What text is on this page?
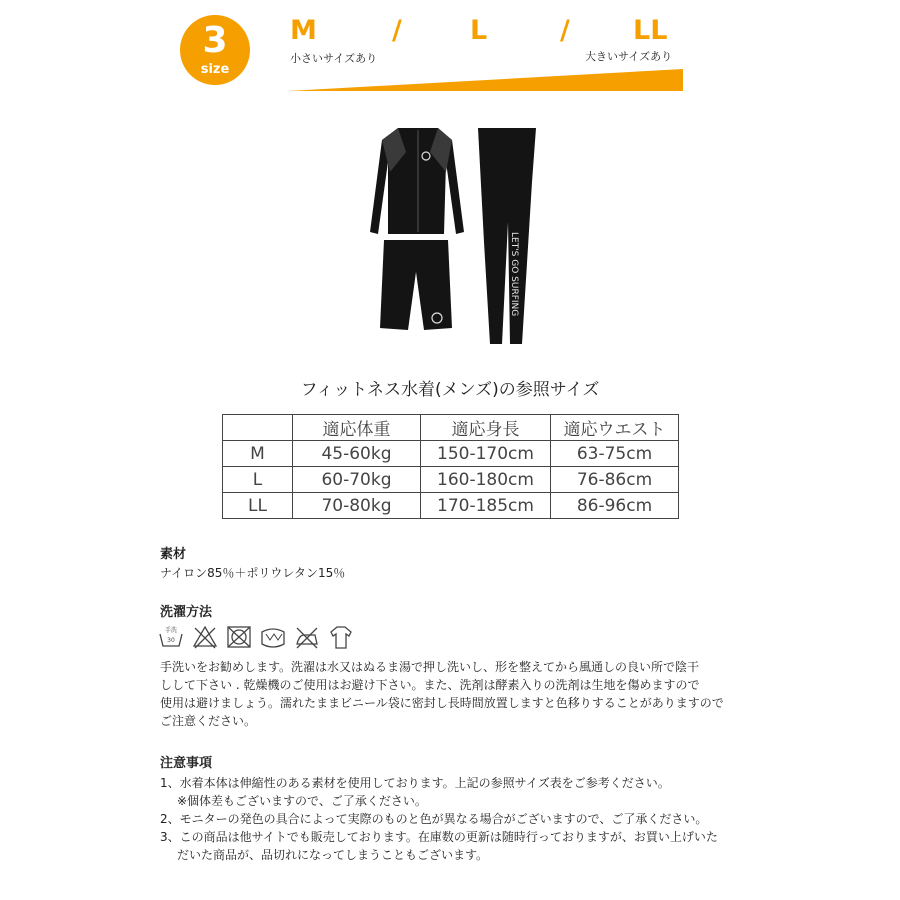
3
size
M	/	L	/ LL
小さいサイズあり	大きいサイズあり
LET'S GO SURFING
フィットネス水着(メンズ)の参照サイズ
	適応体重	適応身長	適応ウエスト
M	45-60kg	150-170cm	63-75cm
L	60-70kg	160-180cm	76-86cm
LL	70-80kg	170-185cm	86-96cm
素材
ナイロン85％＋ポリウレタン15％
洗濯方法
手洗
30

手洗いをお勧めします。洗濯は水又はぬるま湯で押し洗いし、形を整えてから風通しの良い所で陰干
しして下さい . 乾燥機のご使用はお避け下さい。また、洗剤は酵素入りの洗剤は生地を傷めますので
使用は避けましょう。濡れたままビニール袋に密封し長時間放置しますと色移りすることがありますので
ご注意ください。
注意事項
1、水着本体は伸縮性のある素材を使用しております。上記の参照サイズ表をご参考ください。
※個体差もございますので、ご了承ください。
2、モニターの発色の具合によって実際のものと色が異なる場合がございますので、ご了承ください。
3、この商品は他サイトでも販売しております。在庫数の更新は随時行っておりますが、お買い上げいた
だいた商品が、品切れになってしまうこともございます。
